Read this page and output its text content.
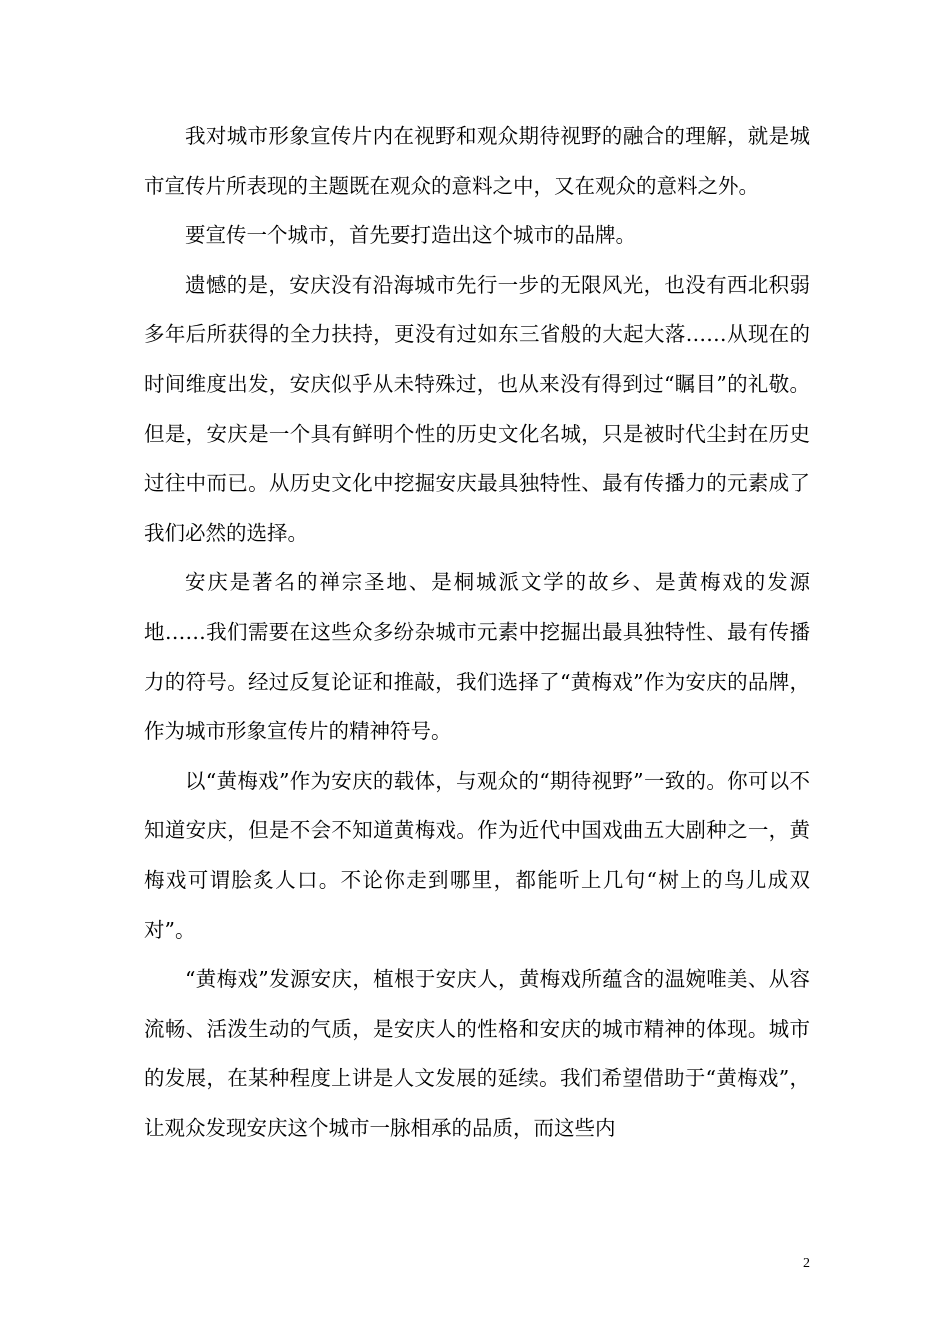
我对城市形象宣传片内在视野和观众期待视野的融合的理解，就是城市宣传片所表现的主题既在观众的意料之中，又在观众的意料之外。

要宣传一个城市，首先要打造出这个城市的品牌。

遗憾的是，安庆没有沿海城市先行一步的无限风光，也没有西北积弱多年后所获得的全力扶持，更没有过如东三省般的大起大落……从现在的时间维度出发，安庆似乎从未特殊过，也从来没有得到过“瞩目”的礼敬。但是，安庆是一个具有鲜明个性的历史文化名城，只是被时代尘封在历史过往中而已。从历史文化中挖掘安庆最具独特性、最有传播力的元素成了我们必然的选择。

安庆是著名的禅宗圣地、是桐城派文学的故乡、是黄梅戏的发源地……我们需要在这些众多纷杂城市元素中挖掘出最具独特性、最有传播力的符号。经过反复论证和推敲，我们选择了“黄梅戏”作为安庆的品牌，作为城市形象宣传片的精神符号。

以“黄梅戏”作为安庆的载体，与观众的“期待视野”一致的。你可以不知道安庆，但是不会不知道黄梅戏。作为近代中国戏曲五大剧种之一，黄梅戏可谓脍炙人口。不论你走到哪里，都能听上几句“树上的鸟儿成双对”。

“黄梅戏”发源安庆，植根于安庆人，黄梅戏所蕴含的温婉唯美、从容流畅、活泼生动的气质，是安庆人的性格和安庆的城市精神的体现。城市的发展，在某种程度上讲是人文发展的延续。我们希望借助于“黄梅戏”，让观众发现安庆这个城市一脉相承的品质，而这些内

2
